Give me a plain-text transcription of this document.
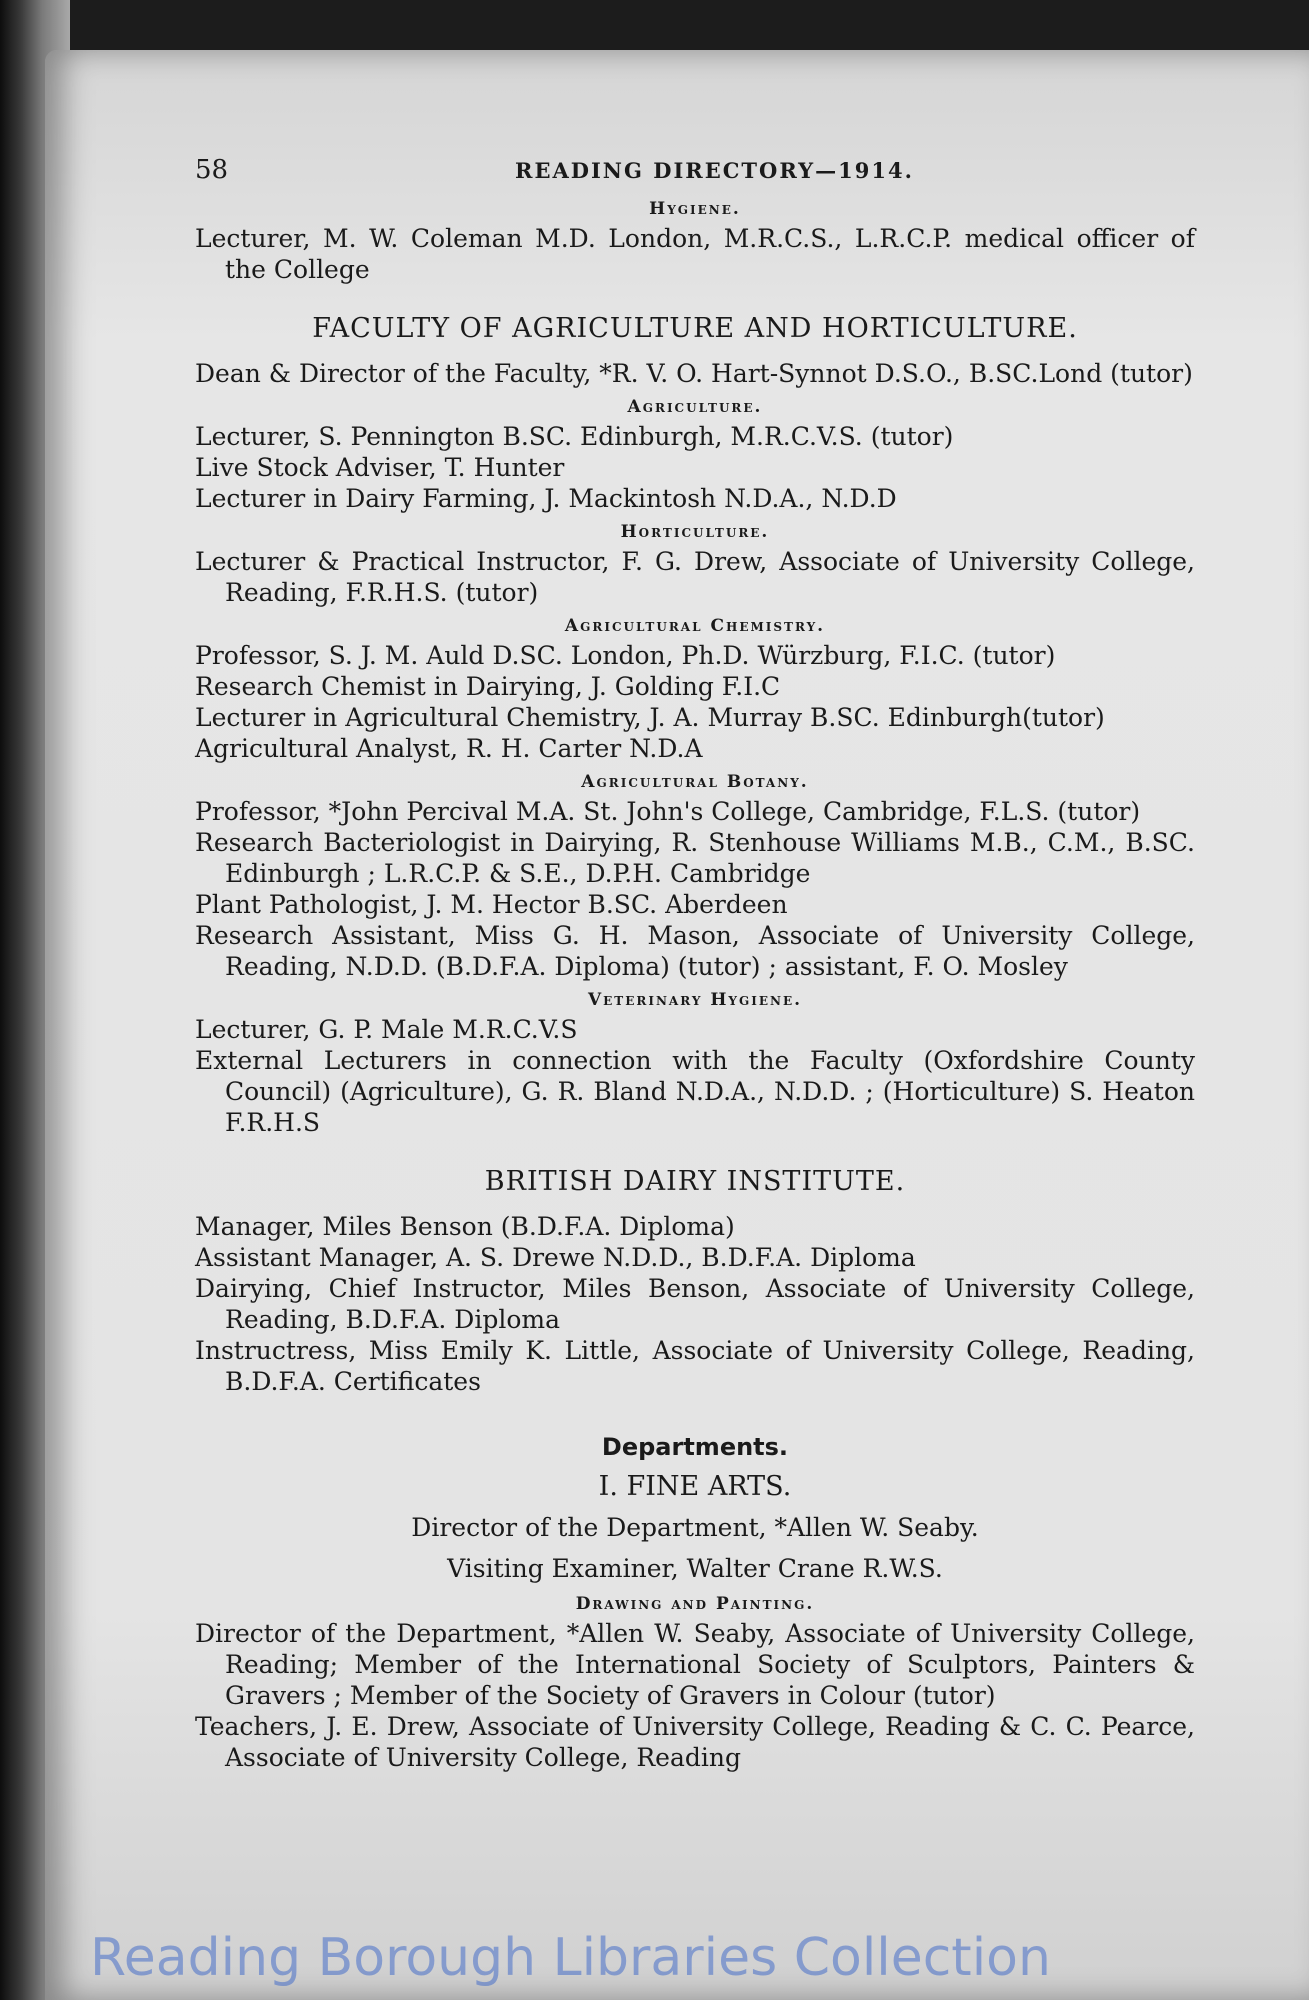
58	READING DIRECTORY—1914.
Hygiene.
Lecturer, M. W. Coleman M.D. London, M.R.C.S., L.R.C.P. medical officer of the College
FACULTY OF AGRICULTURE AND HORTICULTURE.
Dean & Director of the Faculty, *R. V. O. Hart-Synnot D.S.O., B.SC.Lond (tutor)
Agriculture.
Lecturer, S. Pennington B.SC. Edinburgh, M.R.C.V.S. (tutor)
Live Stock Adviser, T. Hunter
Lecturer in Dairy Farming, J. Mackintosh N.D.A., N.D.D
Horticulture.
Lecturer & Practical Instructor, F. G. Drew, Associate of University College, Reading, F.R.H.S. (tutor)
Agricultural Chemistry.
Professor, S. J. M. Auld D.SC. London, Ph.D. Würzburg, F.I.C. (tutor)
Research Chemist in Dairying, J. Golding F.I.C
Lecturer in Agricultural Chemistry, J. A. Murray B.SC. Edinburgh(tutor)
Agricultural Analyst, R. H. Carter N.D.A
Agricultural Botany.
Professor, *John Percival M.A. St. John's College, Cambridge, F.L.S. (tutor)
Research Bacteriologist in Dairying, R. Stenhouse Williams M.B., C.M., B.SC. Edinburgh ; L.R.C.P. & S.E., D.P.H. Cambridge
Plant Pathologist, J. M. Hector B.SC. Aberdeen
Research Assistant, Miss G. H. Mason, Associate of University College, Reading, N.D.D. (B.D.F.A. Diploma) (tutor) ; assistant, F. O. Mosley
Veterinary Hygiene.
Lecturer, G. P. Male M.R.C.V.S
External Lecturers in connection with the Faculty (Oxfordshire County Council) (Agriculture), G. R. Bland N.D.A., N.D.D. ; (Horticulture) S. Heaton F.R.H.S
BRITISH DAIRY INSTITUTE.
Manager, Miles Benson (B.D.F.A. Diploma)
Assistant Manager, A. S. Drewe N.D.D., B.D.F.A. Diploma
Dairying, Chief Instructor, Miles Benson, Associate of University College, Reading, B.D.F.A. Diploma
Instructress, Miss Emily K. Little, Associate of University College, Reading, B.D.F.A. Certificates
Departments.
I. FINE ARTS.
Director of the Department, *Allen W. Seaby.
Visiting Examiner, Walter Crane R.W.S.
Drawing and Painting.
Director of the Department, *Allen W. Seaby, Associate of University College, Reading; Member of the International Society of Sculptors, Painters & Gravers ; Member of the Society of Gravers in Colour (tutor)
Teachers, J. E. Drew, Associate of University College, Reading & C. C. Pearce, Associate of University College, Reading
Reading Borough Libraries Collection
